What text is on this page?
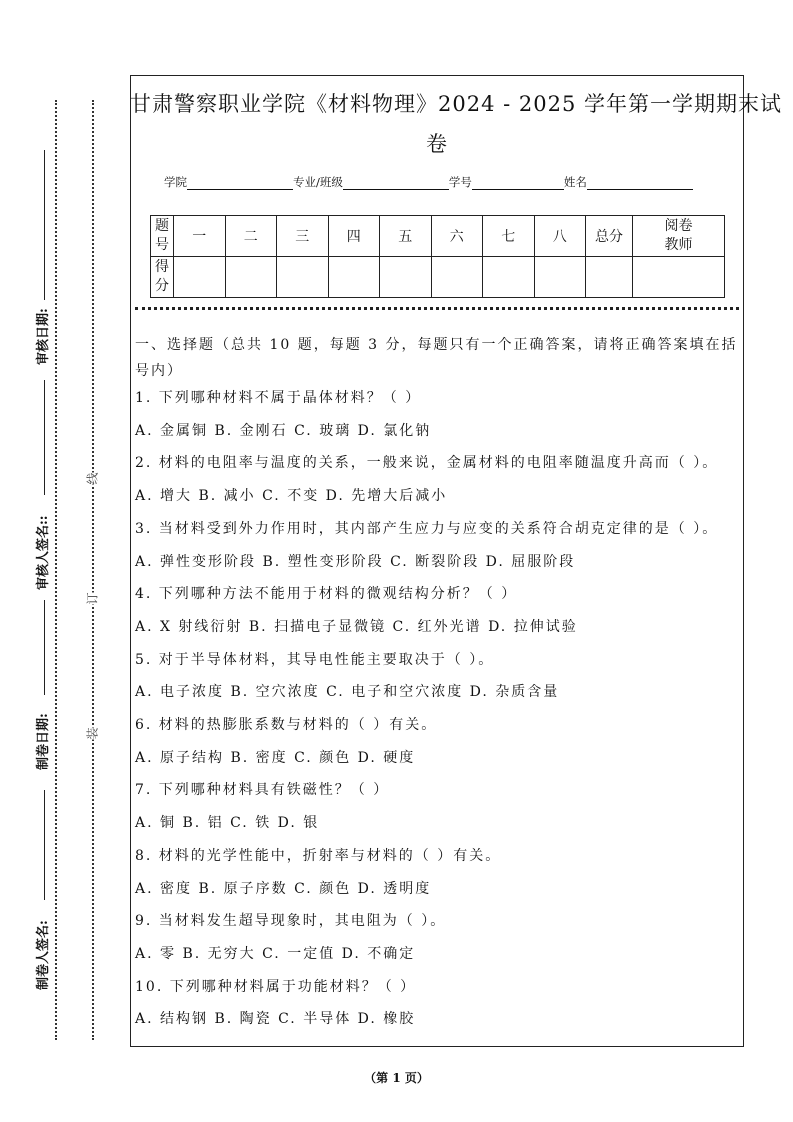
线
订
装
审核日期:
审核人签名::
制卷日期:
制卷人签名:
甘肃警察职业学院《材料物理》2024 - 2025 学年第一学期期末试
卷
学院	专业/班级	学号	姓名
题号	一	二	三	四	五	六	七	八	总分	阅卷教师
得分										
一、选择题（总共 10 题，每题 3 分，每题只有一个正确答案，请将正确答案填在括
号内）
1. 下列哪种材料不属于晶体材料？（ ）
A. 金属铜 B. 金刚石 C. 玻璃 D. 氯化钠
2. 材料的电阻率与温度的关系，一般来说，金属材料的电阻率随温度升高而（ ）。
A. 增大 B. 减小 C. 不变 D. 先增大后减小
3. 当材料受到外力作用时，其内部产生应力与应变的关系符合胡克定律的是（ ）。
A. 弹性变形阶段 B. 塑性变形阶段 C. 断裂阶段 D. 屈服阶段
4. 下列哪种方法不能用于材料的微观结构分析？（ ）
A. X 射线衍射 B. 扫描电子显微镜 C. 红外光谱 D. 拉伸试验
5. 对于半导体材料，其导电性能主要取决于（ ）。
A. 电子浓度 B. 空穴浓度 C. 电子和空穴浓度 D. 杂质含量
6. 材料的热膨胀系数与材料的（ ）有关。
A. 原子结构 B. 密度 C. 颜色 D. 硬度
7. 下列哪种材料具有铁磁性？（ ）
A. 铜 B. 铝 C. 铁 D. 银
8. 材料的光学性能中，折射率与材料的（ ）有关。
A. 密度 B. 原子序数 C. 颜色 D. 透明度
9. 当材料发生超导现象时，其电阻为（ ）。
A. 零 B. 无穷大 C. 一定值 D. 不确定
10. 下列哪种材料属于功能材料？（ ）
A. 结构钢 B. 陶瓷 C. 半导体 D. 橡胶
（第 1 页）
